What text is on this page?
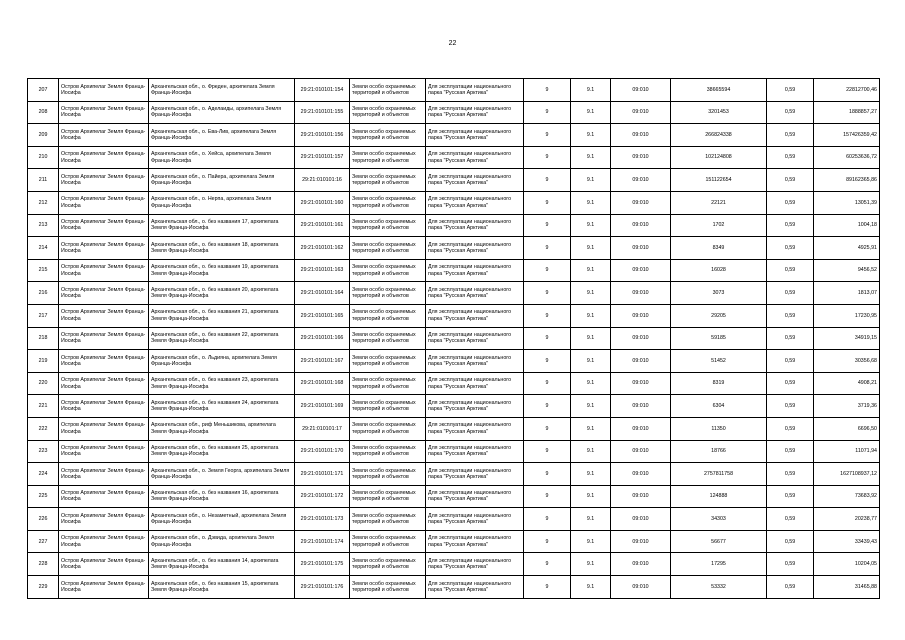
22
207	Остров Архипелаг Земля Франца-Иосифа	Архангельская обл., о. Фреден, архипелага Земля Франца-Иосифа	29:21:010101:154	Земли особо охраняемых территорий и объектов	Для эксплуатации национального парка "Русская Арктика"	9	9.1	09:010	38665594	0,59	22812700,46
208	Остров Архипелаг Земля Франца-Иосифа	Архангельская обл., о. Аделаиды, архипелага Земля Франца-Иосифа	29:21:010101:155	Земли особо охраняемых территорий и объектов	Для эксплуатации национального парка "Русская Арктика"	9	9.1	09:010	3201453	0,59	1888857,27
209	Остров Архипелаг Земля Франца-Иосифа	Архангельская обл., о. Ева-Лив, архипелага Земля Франца-Иосифа	29:21:010101:156	Земли особо охраняемых территорий и объектов	Для эксплуатации национального парка "Русская Арктика"	9	9.1	09:010	266824338	0,59	157426359,42
210	Остров Архипелаг Земля Франца-Иосифа	Архангельская обл., о. Хейса, архипелага Земля Франца-Иосифа	29:21:010101:157	Земли особо охраняемых территорий и объектов	Для эксплуатации национального парка "Русская Арктика"	9	9.1	09:010	102124808	0,59	60253636,72
211	Остров Архипелаг Земля Франца-Иосифа	Архангельская обл., о. Пайера, архипелага Земля Франца-Иосифа	29:21:010101:16	Земли особо охраняемых территорий и объектов	Для эксплуатации национального парка "Русская Арктика"	9	9.1	09:010	151122654	0,59	89162365,86
212	Остров Архипелаг Земля Франца-Иосифа	Архангельская обл., о. Нерпа, архипелага Земля Франца-Иосифа	29:21:010101:160	Земли особо охраняемых территорий и объектов	Для эксплуатации национального парка "Русская Арктика"	9	9.1	09:010	22121	0,59	13051,39
213	Остров Архипелаг Земля Франца-Иосифа	Архангельская обл., о. без названия 17, архипелага Земля Франца-Иосифа	29:21:010101:161	Земли особо охраняемых территорий и объектов	Для эксплуатации национального парка "Русская Арктика"	9	9.1	09:010	1702	0,59	1004,18
214	Остров Архипелаг Земля Франца-Иосифа	Архангельская обл., о. без названия 18, архипелага Земля Франца-Иосифа	29:21:010101:162	Земли особо охраняемых территорий и объектов	Для эксплуатации национального парка "Русская Арктика"	9	9.1	09:010	8349	0,59	4925,91
215	Остров Архипелаг Земля Франца-Иосифа	Архангельская обл., о. без названия 19, архипелага Земля Франца-Иосифа	29:21:010101:163	Земли особо охраняемых территорий и объектов	Для эксплуатации национального парка "Русская Арктика"	9	9.1	09:010	16028	0,59	9456,52
216	Остров Архипелаг Земля Франца-Иосифа	Архангельская обл., о. без названия 20, архипелага Земля Франца-Иосифа	29:21:010101:164	Земли особо охраняемых территорий и объектов	Для эксплуатации национального парка "Русская Арктика"	9	9.1	09:010	3073	0,59	1813,07
217	Остров Архипелаг Земля Франца-Иосифа	Архангельская обл., о. без названия 21, архипелага Земля Франца-Иосифа	29:21:010101:165	Земли особо охраняемых территорий и объектов	Для эксплуатации национального парка "Русская Арктика"	9	9.1	09:010	29205	0,59	17230,95
218	Остров Архипелаг Земля Франца-Иосифа	Архангельская обл., о. без названия 22, архипелага Земля Франца-Иосифа	29:21:010101:166	Земли особо охраняемых территорий и объектов	Для эксплуатации национального парка "Русская Арктика"	9	9.1	09:010	59185	0,59	34919,15
219	Остров Архипелаг Земля Франца-Иосифа	Архангельская обл., о. Льдияна, архипелага Земля Франца-Иосифа	29:21:010101:167	Земли особо охраняемых территорий и объектов	Для эксплуатации национального парка "Русская Арктика"	9	9.1	09:010	51452	0,59	30356,68
220	Остров Архипелаг Земля Франца-Иосифа	Архангельская обл., о. без названия 23, архипелага Земля Франца-Иосифа	29:21:010101:168	Земли особо охраняемых территорий и объектов	Для эксплуатации национального парка "Русская Арктика"	9	9.1	09:010	8319	0,59	4908,21
221	Остров Архипелаг Земля Франца-Иосифа	Архангельская обл., о. без названия 24, архипелага Земля Франца-Иосифа	29:21:010101:169	Земли особо охраняемых территорий и объектов	Для эксплуатации национального парка "Русская Арктика"	9	9.1	09:010	6304	0,59	3719,36
222	Остров Архипелаг Земля Франца-Иосифа	Архангельская обл., риф Меньшикова, архипелага Земля Франца-Иосифа	29:21:010101:17	Земли особо охраняемых территорий и объектов	Для эксплуатации национального парка "Русская Арктика"	9	9.1	09:010	11350	0,59	6696,50
223	Остров Архипелаг Земля Франца-Иосифа	Архангельская обл., о. без названия 25, архипелага Земля Франца-Иосифа	29:21:010101:170	Земли особо охраняемых территорий и объектов	Для эксплуатации национального парка "Русская Арктика"	9	9.1	09:010	18766	0,59	11071,94
224	Остров Архипелаг Земля Франца-Иосифа	Архангельская обл., о. Земля Георга, архипелага Земля Франца-Иосифа	29:21:010101:171	Земли особо охраняемых территорий и объектов	Для эксплуатации национального парка "Русская Арктика"	9	9.1	09:010	2757811758	0,59	1627108937,12
225	Остров Архипелаг Земля Франца-Иосифа	Архангельская обл., о. без названия 16, архипелага Земля Франца-Иосифа	29:21:010101:172	Земли особо охраняемых территорий и объектов	Для эксплуатации национального парка "Русская Арктика"	9	9.1	09:010	124888	0,59	73683,92
226	Остров Архипелаг Земля Франца-Иосифа	Архангельская обл., о. Незаметный, архипелага Земля Франца-Иосифа	29:21:010101:173	Земли особо охраняемых территорий и объектов	Для эксплуатации национального парка "Русская Арктика"	9	9.1	09:010	34303	0,59	20238,77
227	Остров Архипелаг Земля Франца-Иосифа	Архангельская обл., о. Дэвида, архипелага Земля Франца-Иосифа	29:21:010101:174	Земли особо охраняемых территорий и объектов	Для эксплуатации национального парка "Русская Арктика"	9	9.1	09:010	56677	0,59	33439,43
228	Остров Архипелаг Земля Франца-Иосифа	Архангельская обл., о. без названия 14, архипелага Земля Франца-Иосифа	29:21:010101:175	Земли особо охраняемых территорий и объектов	Для эксплуатации национального парка "Русская Арктика"	9	9.1	09:010	17295	0,59	10204,05
229	Остров Архипелаг Земля Франца-Иосифа	Архангельская обл., о. без названия 15, архипелага Земля Франца-Иосифа	29:21:010101:176	Земли особо охраняемых территорий и объектов	Для эксплуатации национального парка "Русская Арктика"	9	9.1	09:010	53332	0,59	31465,88
